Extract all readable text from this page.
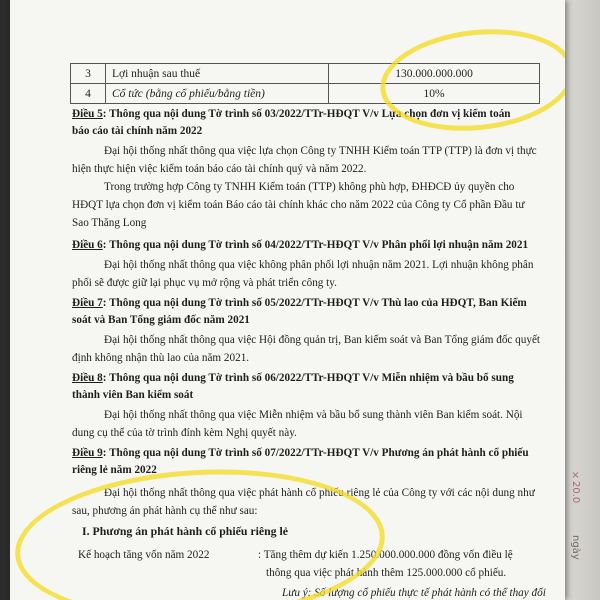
×20.0
ngày
3	Lợi nhuận sau thuế	130.000.000.000
4	Cổ tức (bằng cổ phiếu/bằng tiền)	10%
Điều 5: Thông qua nội dung Tờ trình số 03/2022/TTr-HĐQT V/v Lựa chọn đơn vị kiểm toán
báo cáo tài chính năm 2022
Đại hội thống nhất thông qua việc lựa chọn Công ty TNHH Kiểm toán TTP (TTP) là đơn vị thực
hiện thực hiện việc kiểm toán báo cáo tài chính quý và năm 2022.
Trong trường hợp Công ty TNHH Kiểm toán (TTP) không phù hợp, ĐHĐCĐ ủy quyền cho
HĐQT lựa chọn đơn vị kiểm toán Báo cáo tài chính khác cho năm 2022 của Công ty Cổ phần Đầu tư
Sao Thăng Long
Điều 6: Thông qua nội dung Tờ trình số 04/2022/TTr-HĐQT V/v Phân phối lợi nhuận năm 2021
Đại hội thống nhất thông qua việc không phân phối lợi nhuận năm 2021. Lợi nhuận không phân
phối sẽ được giữ lại phục vụ mở rộng và phát triển công ty.
Điều 7: Thông qua nội dung Tờ trình số 05/2022/TTr-HĐQT V/v Thù lao của HĐQT, Ban Kiểm
soát và Ban Tổng giám đốc năm 2021
Đại hội thống nhất thông qua việc Hội đồng quản trị, Ban kiểm soát và Ban Tổng giám đốc quyết
định không nhận thù lao của năm 2021.
Điều 8: Thông qua nội dung Tờ trình số 06/2022/TTr-HĐQT V/v Miễn nhiệm và bầu bổ sung
thành viên Ban kiểm soát
Đại hội thống nhất thông qua việc Miễn nhiệm và bầu bổ sung thành viên Ban kiểm soát. Nội
dung cụ thể của tờ trình đính kèm Nghị quyết này.
Điều 9: Thông qua nội dung Tờ trình số 07/2022/TTr-HĐQT V/v Phương án phát hành cổ phiếu
riêng lẻ năm 2022
Đại hội thống nhất thông qua việc phát hành cổ phiếu riêng lẻ của Công ty với các nội dung như
sau, phương án phát hành cụ thể như sau:
I. Phương án phát hành cổ phiếu riêng lẻ
Kế hoạch tăng vốn năm 2022	: Tăng thêm dự kiến 1.250.000.000.000 đồng vốn điều lệ
thông qua việc phát hành thêm 125.000.000 cổ phiếu.
Lưu ý: Số lượng cổ phiếu thực tế phát hành có thể thay đổi
